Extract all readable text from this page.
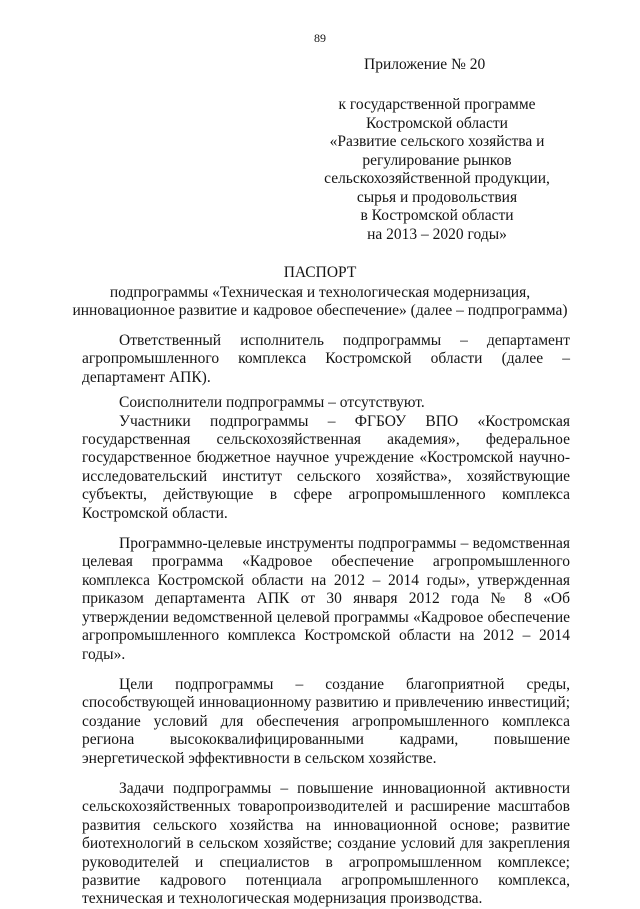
89
Приложение № 20
к государственной программе
Костромской области
«Развитие сельского хозяйства и
регулирование рынков
сельскохозяйственной продукции,
сырья и продовольствия
в Костромской области
на 2013 – 2020 годы»
ПАСПОРТ
подпрограммы «Техническая и технологическая модернизация,
инновационное развитие и кадровое обеспечение» (далее – подпрограмма)

Ответственный исполнитель подпрограммы – департамент агропромышленного комплекса Костромской области (далее – департамент АПК).

Соисполнители подпрограммы – отсутствуют.

Участники подпрограммы – ФГБОУ ВПО «Костромская государственная сельскохозяйственная академия», федеральное государственное бюджетное научное учреждение «Костромской научно-исследовательский институт сельского хозяйства», хозяйствующие субъекты, действующие в сфере агропромышленного комплекса Костромской области.

Программно-целевые инструменты подпрограммы – ведомственная целевая программа «Кадровое обеспечение агропромышленного комплекса Костромской области на 2012 – 2014 годы», утвержденная приказом департамента АПК от 30 января 2012 года № 8 «Об утверждении ведомственной целевой программы «Кадровое обеспечение агропромышленного комплекса Костромской области на 2012 – 2014 годы».

Цели подпрограммы – создание благоприятной среды, способствующей инновационному развитию и привлечению инвестиций; создание условий для обеспечения агропромышленного комплекса региона высококвалифицированными кадрами, повышение энергетической эффективности в сельском хозяйстве.

Задачи подпрограммы – повышение инновационной активности сельскохозяйственных товаропроизводителей и расширение масштабов развития сельского хозяйства на инновационной основе; развитие биотехнологий в сельском хозяйстве; создание условий для закрепления руководителей и специалистов в агропромышленном комплексе; развитие кадрового потенциала агропромышленного комплекса, техническая и технологическая модернизация производства.
